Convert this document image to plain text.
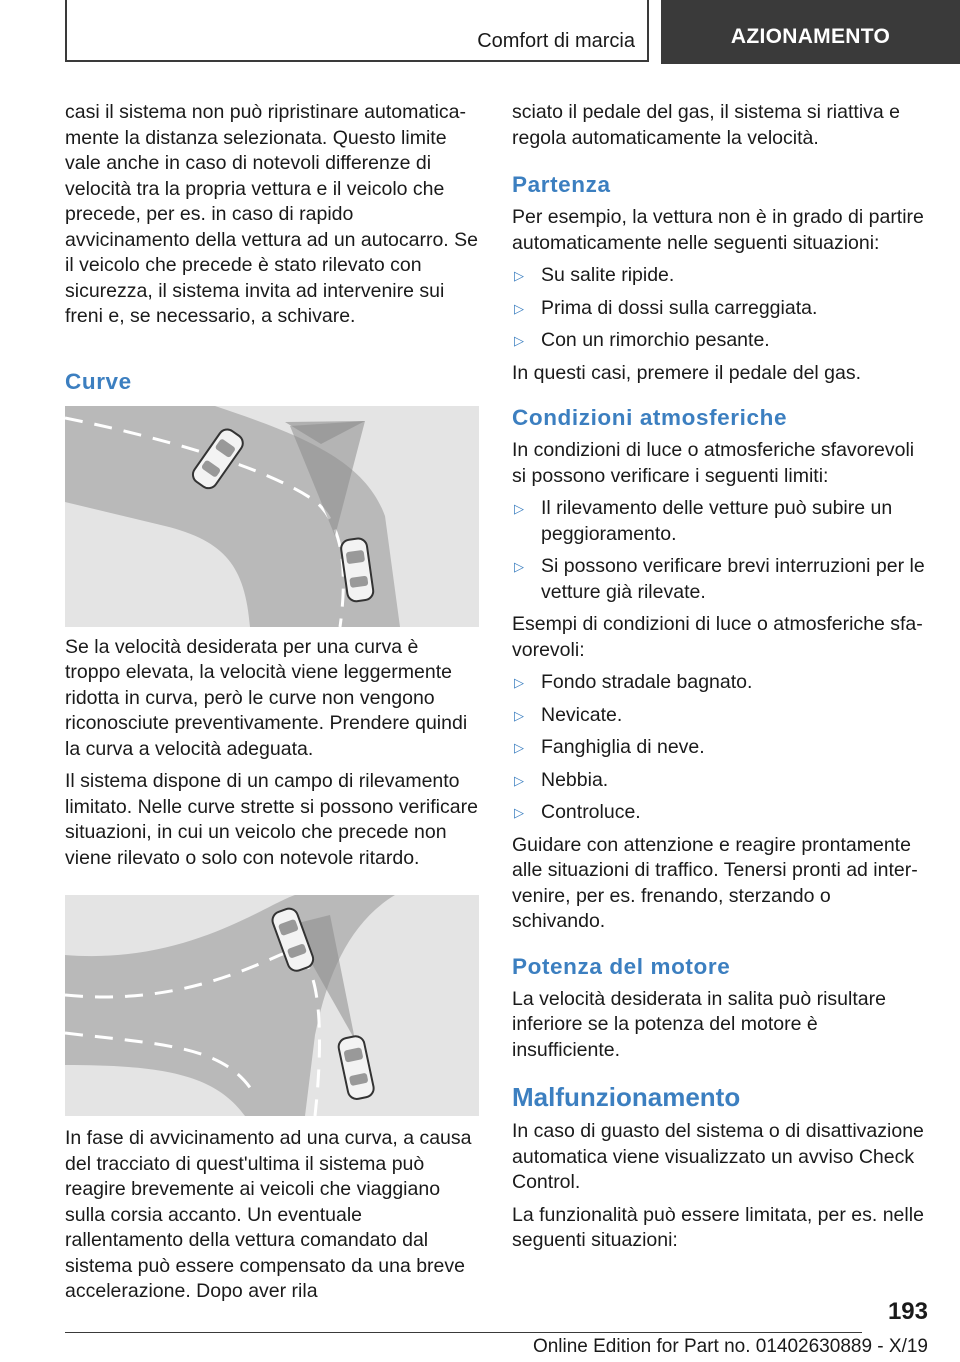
Comfort di marcia	AZIONAMENTO

casi il sistema non può ripristinare automaticamente la distanza selezionata. Questo limite vale anche in caso di notevoli differenze di velocità tra la propria vettura e il veicolo che precede, per es. in caso di rapido avvicinamento della vettura ad un autocarro. Se il veicolo che precede è stato rilevato con sicurezza, il sistema invita ad intervenire sui freni e, se necessario, a schivare.

Curve

Se la velocità desiderata per una curva è troppo elevata, la velocità viene leggermente ridotta in curva, però le curve non vengono riconosciute preventivamente. Prendere quindi la curva a velocità adeguata.

Il sistema dispone di un campo di rilevamento limitato. Nelle curve strette si possono verificare situazioni, in cui un veicolo che precede non viene rilevato o solo con notevole ritardo.

In fase di avvicinamento ad una curva, a causa del tracciato di quest'ultima il sistema può reagire brevemente ai veicoli che viaggiano sulla corsia accanto. Un eventuale rallentamento della vettura comandato dal sistema può essere compensato da una breve accelerazione. Dopo aver rila

sciato il pedale del gas, il sistema si riattiva e regola automaticamente la velocità.

Partenza

Per esempio, la vettura non è in grado di partire automaticamente nelle seguenti situazioni:

▷ Su salite ripide.
▷ Prima di dossi sulla carreggiata.
▷ Con un rimorchio pesante.

In questi casi, premere il pedale del gas.

Condizioni atmosferiche

In condizioni di luce o atmosferiche sfavorevoli si possono verificare i seguenti limiti:

▷ Il rilevamento delle vetture può subire un peggioramento.
▷ Si possono verificare brevi interruzioni per le vetture già rilevate.

Esempi di condizioni di luce o atmosferiche sfavorevoli:

▷ Fondo stradale bagnato.
▷ Nevicate.
▷ Fanghiglia di neve.
▷ Nebbia.
▷ Controluce.

Guidare con attenzione e reagire prontamente alle situazioni di traffico. Tenersi pronti ad intervenire, per es. frenando, sterzando o schivando.

Potenza del motore

La velocità desiderata in salita può risultare inferiore se la potenza del motore è insufficiente.

Malfunzionamento

In caso di guasto del sistema o di disattivazione automatica viene visualizzato un avviso Check Control.

La funzionalità può essere limitata, per es. nelle seguenti situazioni:

193
Online Edition for Part no. 01402630889 - X/19
